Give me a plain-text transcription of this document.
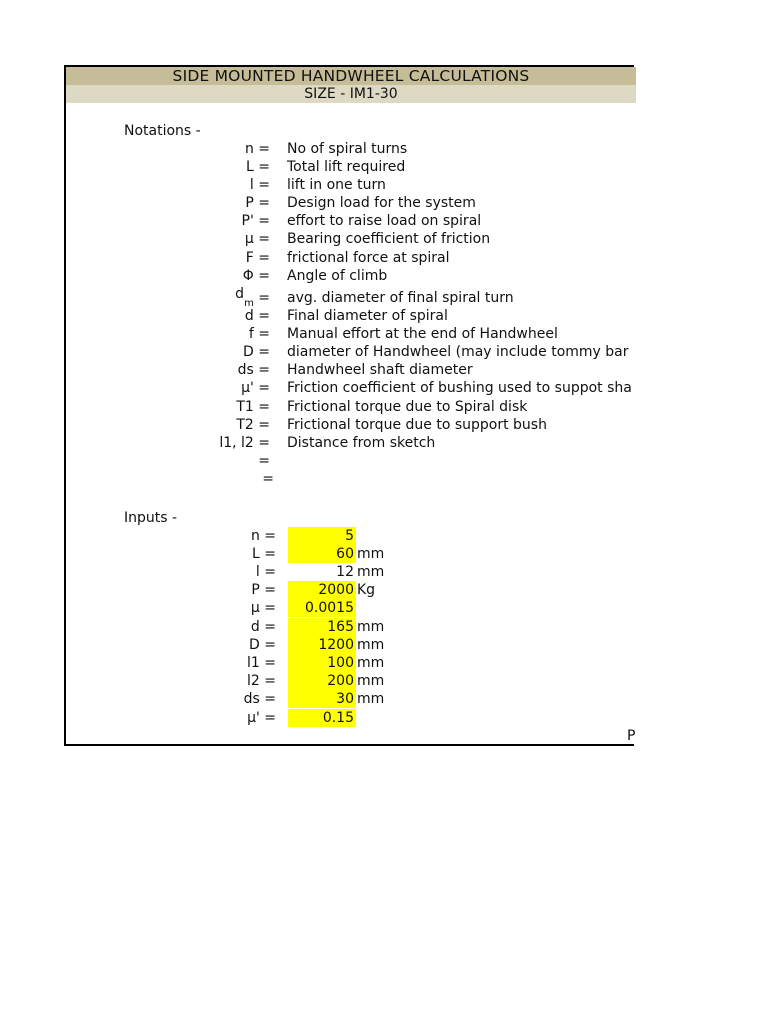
SIDE MOUNTED HANDWHEEL CALCULATIONS
SIZE - IM1-30
Notations -
n = No of spiral turns
L = Total lift required
l = lift in one turn
P = Design load for the system
P' = effort to raise load on spiral
µ = Bearing coefficient of friction
F = frictional force at spiral
Φ = Angle of climb
$d_m$ = avg. diameter of final spiral turn
d = Final diameter of spiral
f = Manual effort at the end of Handwheel
D = diameter of Handwheel (may include tommy bar
ds = Handwheel shaft diameter
µ' = Friction coefficient of bushing used to suppot sha
T1 = Frictional torque due to Spiral disk
T2 = Frictional torque due to support bush
l1, l2 = Distance from sketch
=
=
Inputs -
n =	5
L =	60 mm
l =	12 mm
P =	2000 Kg
µ =	0.0015
d =	165 mm
D =	1200 mm
l1 =	100 mm
l2 =	200 mm
ds =	30 mm
µ' =	0.15
P
